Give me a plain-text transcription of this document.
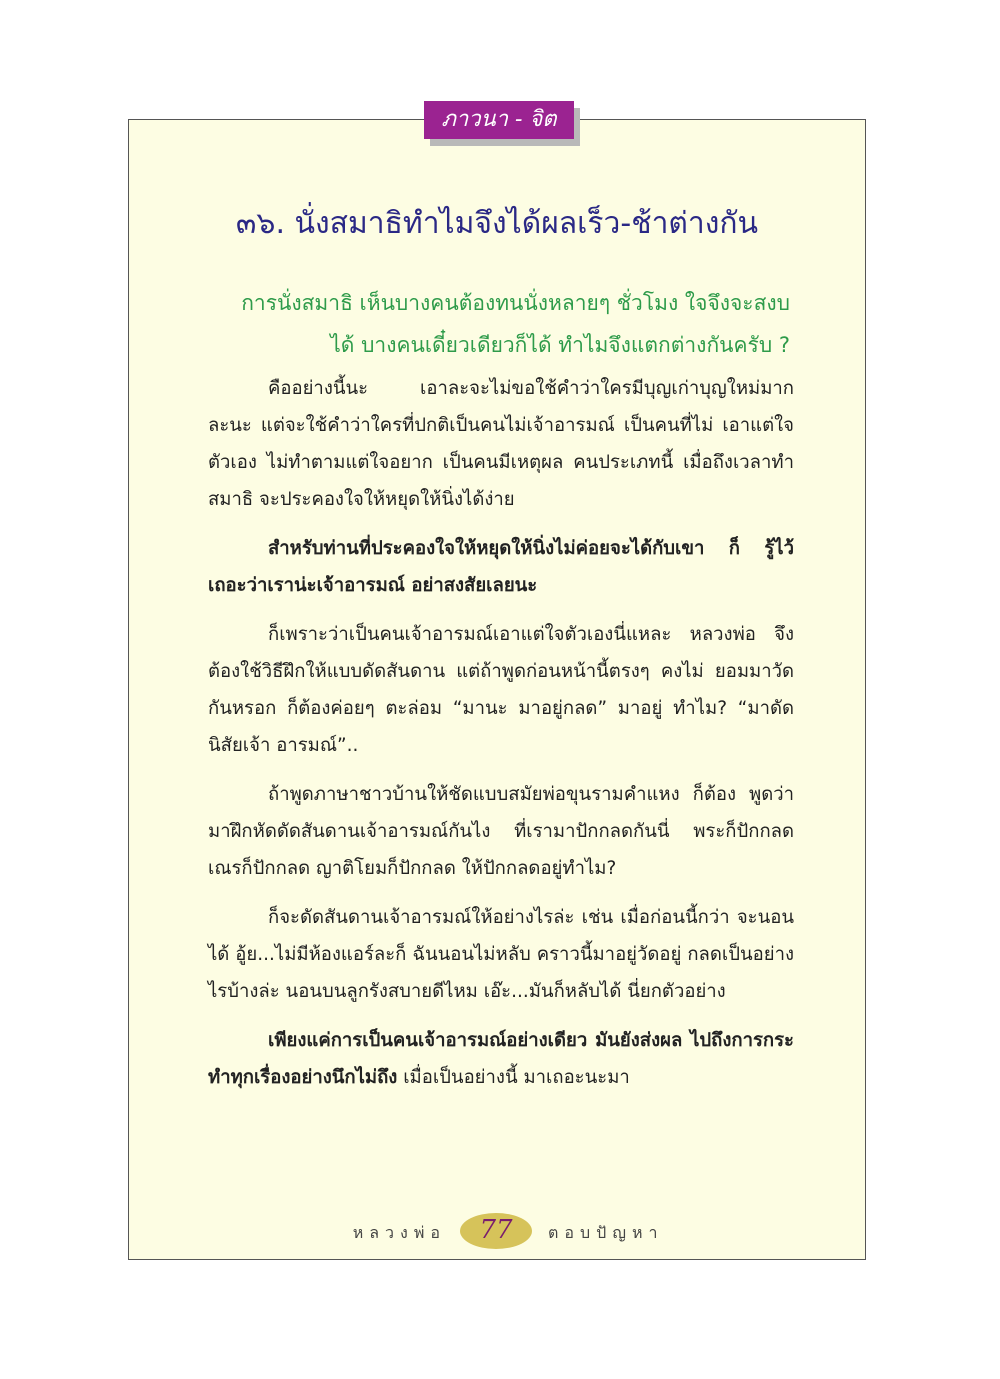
ภาวนา - จิต
๓๖. นั่งสมาธิทำไมจึงได้ผลเร็ว-ช้าต่างกัน

การนั่งสมาธิ เห็นบางคนต้องทนนั่งหลายๆ ชั่วโมง ใจจึงจะสงบ

ได้ บางคนเดี๋ยวเดียวก็ได้ ทำไมจึงแตกต่างกันครับ ?

คืออย่างนี้นะ เอาละจะไม่ขอใช้คำว่าใครมีบุญเก่าบุญใหม่มาก ละนะ แต่จะใช้คำว่าใครที่ปกติเป็นคนไม่เจ้าอารมณ์ เป็นคนที่ไม่ เอาแต่ใจตัวเอง ไม่ทำตามแต่ใจอยาก เป็นคนมีเหตุผล คนประเภทนี้ เมื่อถึงเวลาทำสมาธิ จะประคองใจให้หยุดให้นิ่งได้ง่าย

สำหรับท่านที่ประคองใจให้หยุดให้นิ่งไม่ค่อยจะได้กับเขา ก็ รู้ไว้เถอะว่าเราน่ะเจ้าอารมณ์ อย่าสงสัยเลยนะ

ก็เพราะว่าเป็นคนเจ้าอารมณ์เอาแต่ใจตัวเองนี่แหละ หลวงพ่อ จึงต้องใช้วิธีฝึกให้แบบดัดสันดาน แต่ถ้าพูดก่อนหน้านี้ตรงๆ คงไม่ ยอมมาวัดกันหรอก ก็ต้องค่อยๆ ตะล่อม “มานะ มาอยู่กลด” มาอยู่ ทำไม? “มาดัดนิสัยเจ้า อารมณ์”..

ถ้าพูดภาษาชาวบ้านให้ชัดแบบสมัยพ่อขุนรามคำแหง ก็ต้อง พูดว่ามาฝึกหัดดัดสันดานเจ้าอารมณ์กันไง ที่เรามาปักกลดกันนี่ พระก็ปักกลด เณรก็ปักกลด ญาติโยมก็ปักกลด ให้ปักกลดอยู่ทำไม?

ก็จะดัดสันดานเจ้าอารมณ์ให้อย่างไรล่ะ เช่น เมื่อก่อนนี้กว่า จะนอนได้ อู้ย...ไม่มีห้องแอร์ละก็ ฉันนอนไม่หลับ คราวนี้มาอยู่วัดอยู่ กลดเป็นอย่าง ไรบ้างล่ะ นอนบนลูกรังสบายดีไหม เอ๊ะ...มันก็หลับได้ นี่ยกตัวอย่าง

เพียงแค่การเป็นคนเจ้าอารมณ์อย่างเดียว มันยังส่งผล ไปถึงการกระทำทุกเรื่องอย่างนึกไม่ถึง เมื่อเป็นอย่างนี้ มาเถอะนะมา

หลวงพ่อ	77	ตอบปัญหา
